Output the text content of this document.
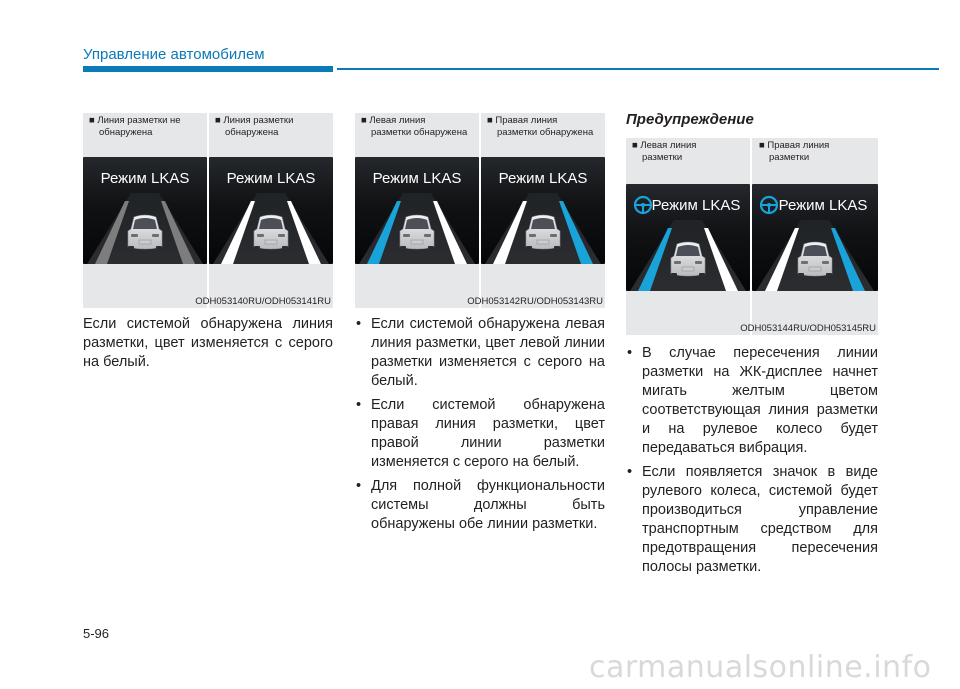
Управление автомобилем
■ Линия разметки не
обнаружена
■ Линия разметки
обнаружена
Режим LKAS Режим LKAS
ODH053140RU/ODH053141RU
■ Левая линия
разметки обнаружена
■ Правая линия
разметки обнаружена
Режим LKAS Режим LKAS
ODH053142RU/ODH053143RU
Если системой обнаружена линия разметки, цвет изменяется с серого на белый.
• Если системой обнаружена левая линия разметки, цвет левой линии разметки изменяется с серого на белый.
• Если системой обнаружена правая линия разметки, цвет правой линии разметки изменяется с серого на белый.
• Для полной функциональности системы должны быть обнаружены обе линии разметки.
Предупреждение
■ Левая линия
разметки
■ Правая линия
разметки
Режим LKAS	Режим LKAS
ODH053144RU/ODH053145RU
• В случае пересечения линии разметки на ЖК-дисплее начнет мигать желтым цветом соответствующая линия разметки и на рулевое колесо будет передаваться вибрация.
• Если появляется значок в виде рулевого колеса, системой будет производиться управление транспортным средством для предотвращения пересечения полосы разметки.
5-96
carmanualsonline.info
